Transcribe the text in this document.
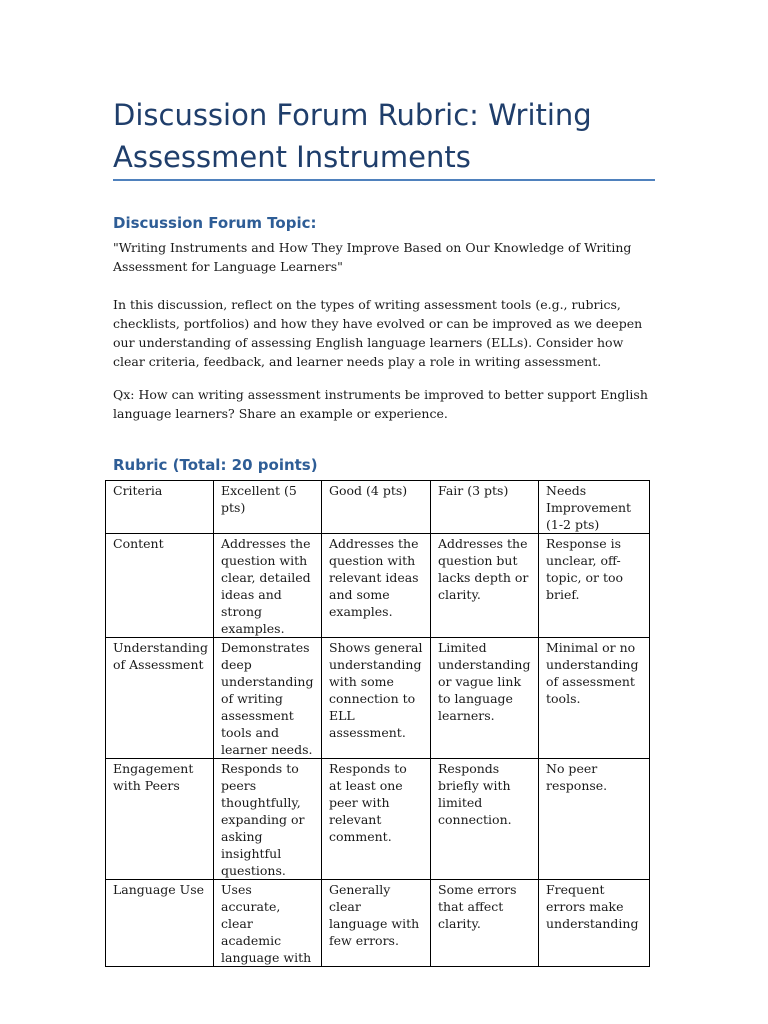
Discussion Forum Rubric: Writing Assessment Instruments
Discussion Forum Topic:

"Writing Instruments and How They Improve Based on Our Knowledge of Writing Assessment for Language Learners"

In this discussion, reflect on the types of writing assessment tools (e.g., rubrics, checklists, portfolios) and how they have evolved or can be improved as we deepen our understanding of assessing English language learners (ELLs). Consider how clear criteria, feedback, and learner needs play a role in writing assessment.

Qx: How can writing assessment instruments be improved to better support English language learners? Share an example or experience.

Rubric (Total: 20 points)
Criteria	Excellent (5 pts)	Good (4 pts)	Fair (3 pts)	Needs Improvement (1-2 pts)
Content	Addresses the question with clear, detailed ideas and strong examples.	Addresses the question with relevant ideas and some examples.	Addresses the question but lacks depth or clarity.	Response is unclear, off-topic, or too brief.
Understanding of Assessment	Demonstrates deep understanding of writing assessment tools and learner needs.	Shows general understanding with some connection to ELL assessment.	Limited understanding or vague link to language learners.	Minimal or no understanding of assessment tools.
Engagement with Peers	Responds to peers thoughtfully, expanding or asking insightful questions.	Responds to at least one peer with relevant comment.	Responds briefly with limited connection.	No peer response.
Language Use	Uses accurate, clear academic language with	Generally clear language with few errors.	Some errors that affect clarity.	Frequent errors make understanding
